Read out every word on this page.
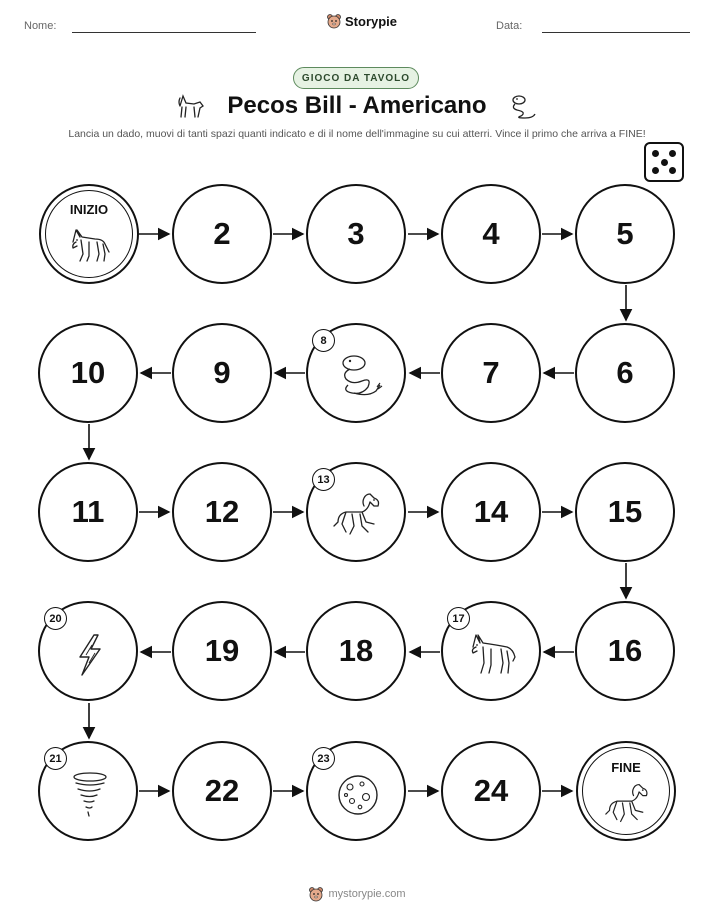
Nome:	Storypie	Data:
GIOCO DA TAVOLO
Pecos Bill - Americano
Lancia un dado, muovi di tanti spazi quanti indicato e di il nome dell'immagine su cui atterri. Vince il primo che arriva a FINE!
INIZIO
2	3	4	5
6
7
8
9
10
11	12
13
14	15
16
17
18
19
20
21
22
23
24
FINE
mystorypie.com
